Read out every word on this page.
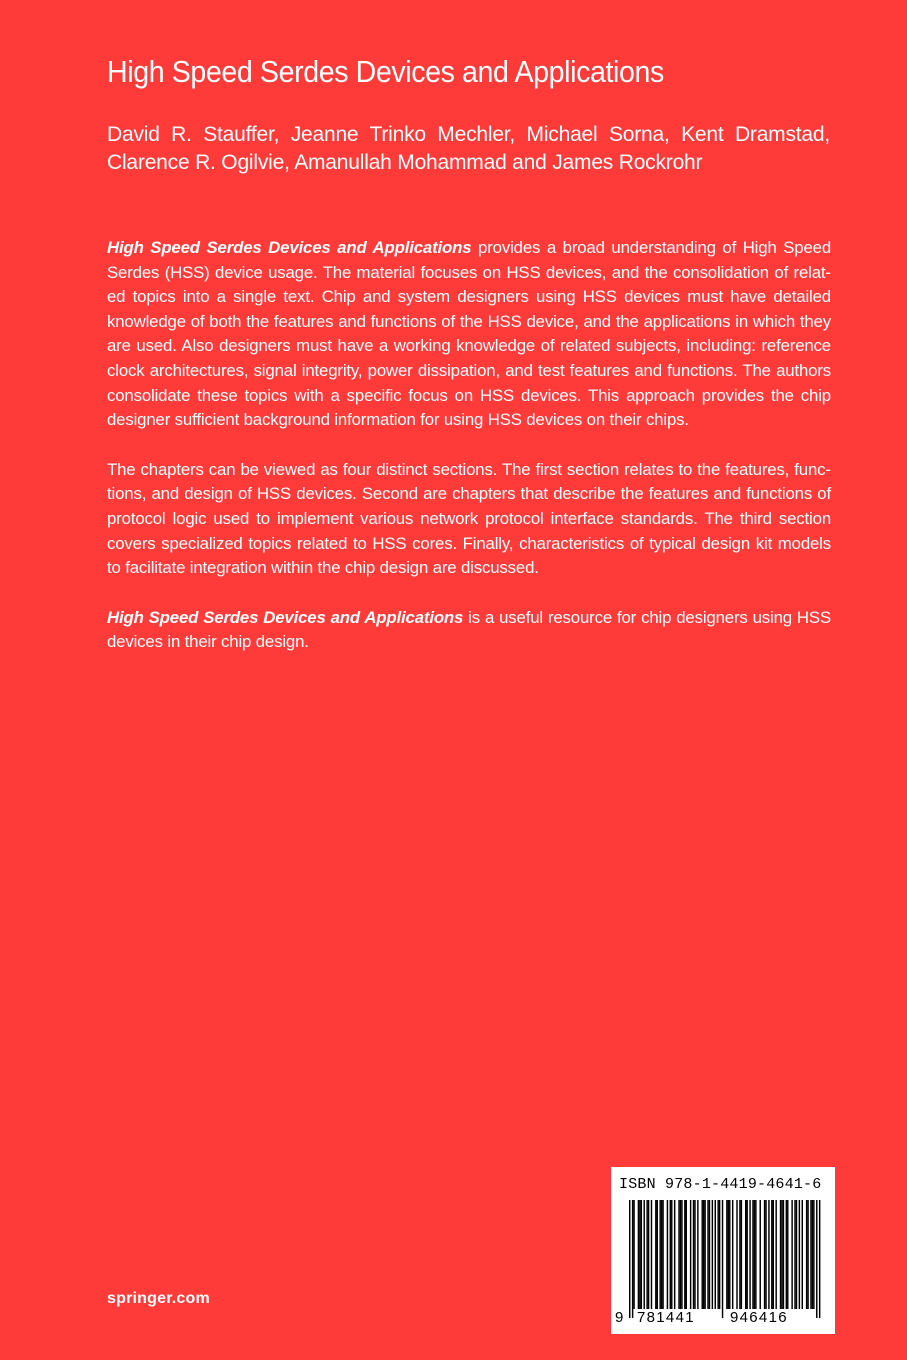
High Speed Serdes Devices and Applications

David R. Stauffer, Jeanne Trinko Mechler, Michael Sorna, Kent Dramstad, Clarence R. Ogilvie, Amanullah Mohammad and James Rockrohr

High Speed Serdes Devices and Applications provides a broad understanding of High Speed Serdes (HSS) device usage. The material focuses on HSS devices, and the consolidation of related topics into a single text. Chip and system designers using HSS devices must have detailed knowledge of both the features and functions of the HSS device, and the applications in which they are used. Also designers must have a working knowledge of related subjects, including: reference clock architectures, signal integrity, power dissipation, and test features and functions. The authors consolidate these topics with a specific focus on HSS devices. This approach provides the chip designer sufficient background information for using HSS devices on their chips.

The chapters can be viewed as four distinct sections. The first section relates to the features, functions, and design of HSS devices. Second are chapters that describe the features and functions of protocol logic used to implement various network protocol interface standards. The third section covers specialized topics related to HSS cores. Finally, characteristics of typical design kit models to facilitate integration within the chip design are discussed.

High Speed Serdes Devices and Applications is a useful resource for chip designers using HSS devices in their chip design.

springer.com
ISBN 978-1-4419-4641-6
9 781441 946416
